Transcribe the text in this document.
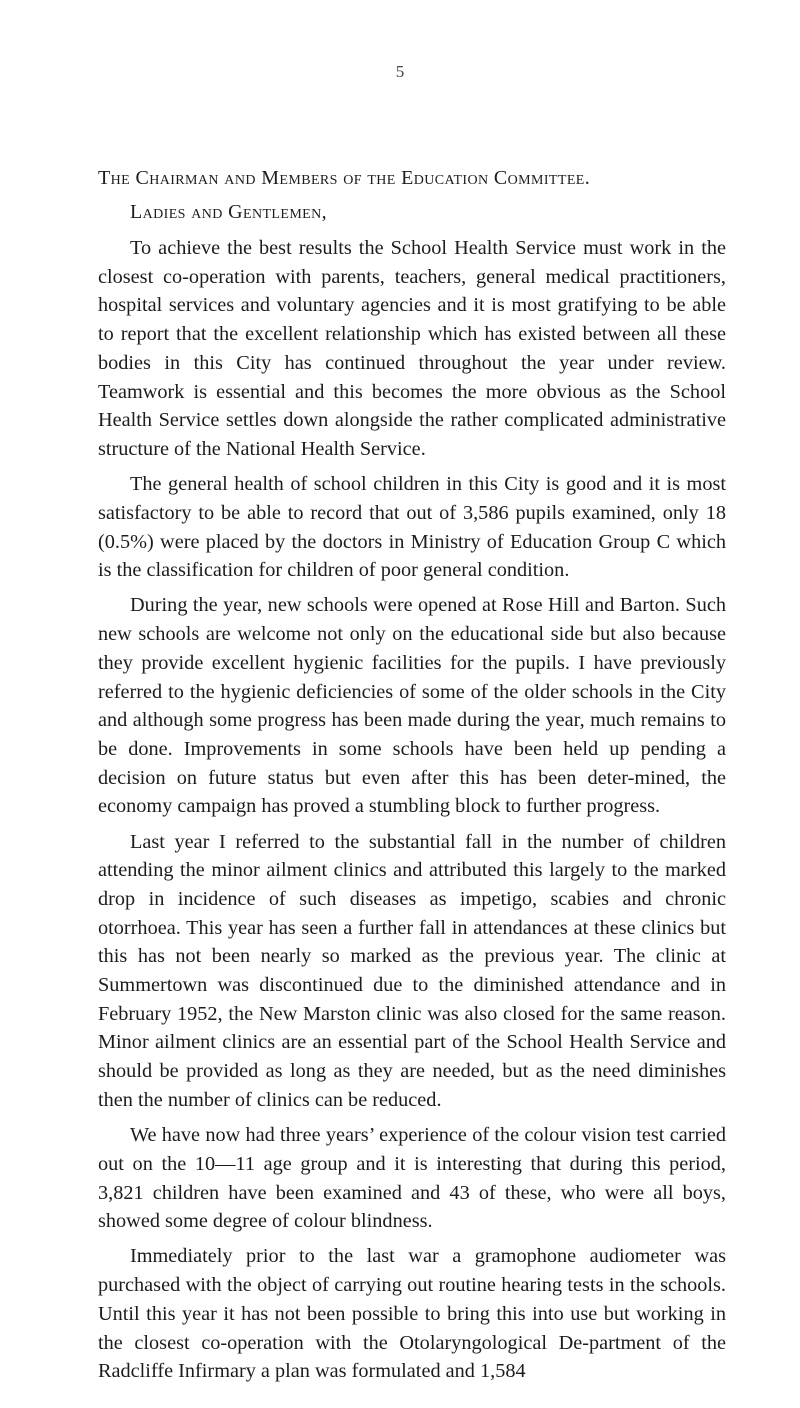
5
The Chairman and Members of the Education Committee.
Ladies and Gentlemen,

To achieve the best results the School Health Service must work in the closest co-operation with parents, teachers, general medical practitioners, hospital services and voluntary agencies and it is most gratifying to be able to report that the excellent relationship which has existed between all these bodies in this City has continued throughout the year under review. Teamwork is essential and this becomes the more obvious as the School Health Service settles down alongside the rather complicated administrative structure of the National Health Service.

The general health of school children in this City is good and it is most satisfactory to be able to record that out of 3,586 pupils examined, only 18 (0.5%) were placed by the doctors in Ministry of Education Group C which is the classification for children of poor general condition.

During the year, new schools were opened at Rose Hill and Barton. Such new schools are welcome not only on the educational side but also because they provide excellent hygienic facilities for the pupils. I have previously referred to the hygienic deficiencies of some of the older schools in the City and although some progress has been made during the year, much remains to be done. Improvements in some schools have been held up pending a decision on future status but even after this has been deter-mined, the economy campaign has proved a stumbling block to further progress.

Last year I referred to the substantial fall in the number of children attending the minor ailment clinics and attributed this largely to the marked drop in incidence of such diseases as impetigo, scabies and chronic otorrhoea. This year has seen a further fall in attendances at these clinics but this has not been nearly so marked as the previous year. The clinic at Summertown was discontinued due to the diminished attendance and in February 1952, the New Marston clinic was also closed for the same reason. Minor ailment clinics are an essential part of the School Health Service and should be provided as long as they are needed, but as the need diminishes then the number of clinics can be reduced.

We have now had three years’ experience of the colour vision test carried out on the 10—11 age group and it is interesting that during this period, 3,821 children have been examined and 43 of these, who were all boys, showed some degree of colour blindness.

Immediately prior to the last war a gramophone audiometer was purchased with the object of carrying out routine hearing tests in the schools. Until this year it has not been possible to bring this into use but working in the closest co-operation with the Otolaryngological De-partment of the Radcliffe Infirmary a plan was formulated and 1,584
